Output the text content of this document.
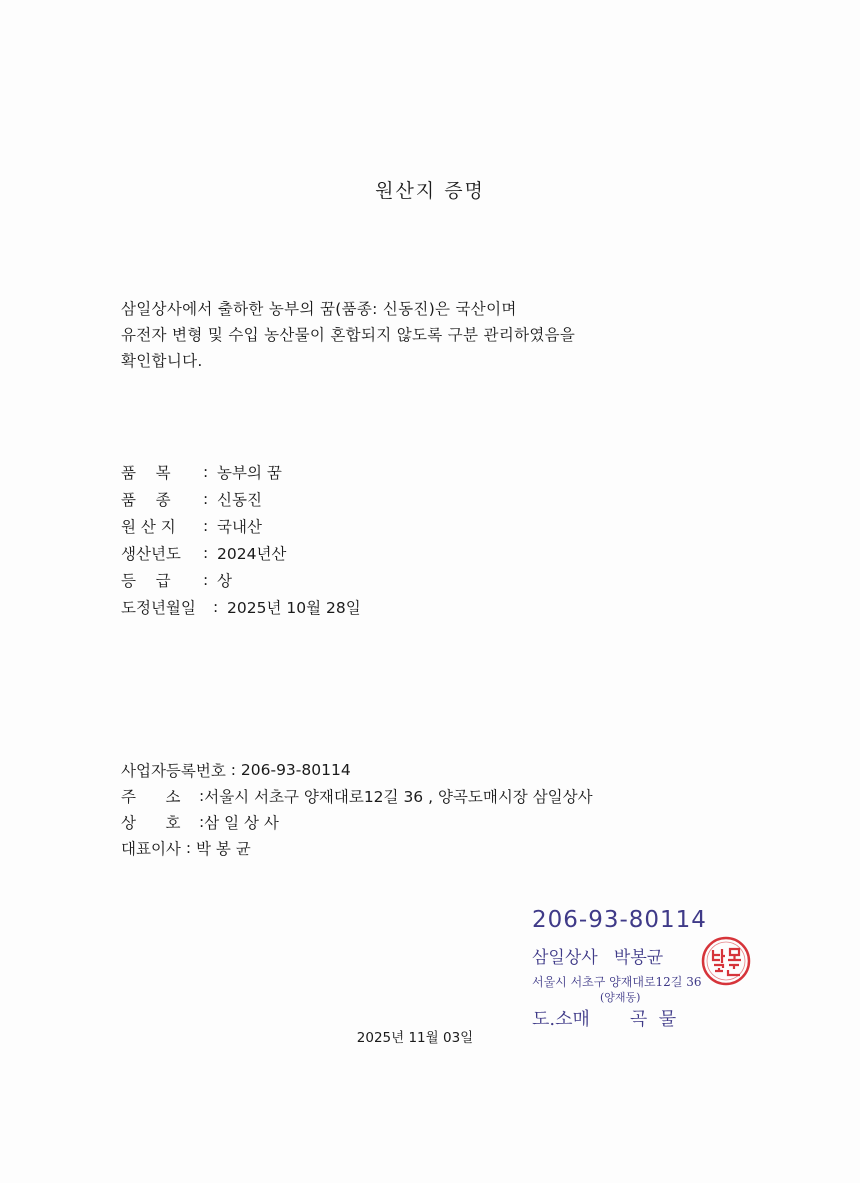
원산지 증명
삼일상사에서 출하한 농부의 꿈(품종: 신동진)은 국산이며
유전자 변형 및 수입 농산물이 혼합되지 않도록 구분 관리하였음을
확인합니다.
품    목	: 농부의 꿈
품    종	: 신동진
원 산 지	: 국내산
생산년도	: 2024년산
등    급	: 상
도정년월일	: 2025년 10월 28일
사업자등록번호 : 206-93-80114
주      소	: 서울시 서초구 양재대로12길 36 , 양곡도매시장 삼일상사
상      호	: 삼 일 상 사
대표이사 : 박 봉 균
206-93-80114
삼일상사   박봉균
서울시 서초구 양재대로12길 36
(양재동)
도.소매       곡  물
2025년 11월 03일
